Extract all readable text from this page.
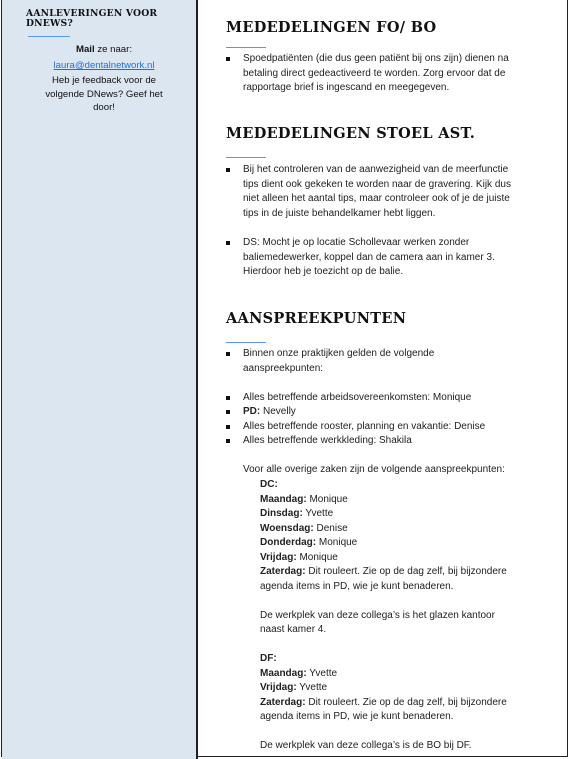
AANLEVERINGEN VOOR
DNEWS?
Mail ze naar:
laura@dentalnetwork.nl
Heb je feedback voor de
volgende DNews? Geef het
door!
MEDEDELINGEN FO/ BO
Spoedpatiënten (die dus geen patiënt bij ons zijn) dienen na
betaling direct gedeactiveerd te worden. Zorg ervoor dat de
rapportage brief is ingescand en meegegeven.
MEDEDELINGEN STOEL AST.
Bij het controleren van de aanwezigheid van de meerfunctie
tips dient ook gekeken te worden naar de gravering. Kijk dus
niet alleen het aantal tips, maar controleer ook of je de juiste
tips in de juiste behandelkamer hebt liggen.
DS: Mocht je op locatie Schollevaar werken zonder
baliemedewerker, koppel dan de camera aan in kamer 3.
Hierdoor heb je toezicht op de balie.
AANSPREEKPUNTEN
Binnen onze praktijken gelden de volgende
aanspreekpunten:
Alles betreffende arbeidsovereenkomsten: Monique
PD: Nevelly
Alles betreffende rooster, planning en vakantie: Denise
Alles betreffende werkkleding: Shakila
Voor alle overige zaken zijn de volgende aanspreekpunten:
DC:
Maandag: Monique
Dinsdag: Yvette
Woensdag: Denise
Donderdag: Monique
Vrijdag: Monique
Zaterdag: Dit rouleert. Zie op de dag zelf, bij bijzondere
agenda items in PD, wie je kunt benaderen.
De werkplek van deze collega’s is het glazen kantoor
naast kamer 4.
DF:
Maandag: Yvette
Vrijdag: Yvette
Zaterdag: Dit rouleert. Zie op de dag zelf, bij bijzondere
agenda items in PD, wie je kunt benaderen.
De werkplek van deze collega’s is de BO bij DF.
